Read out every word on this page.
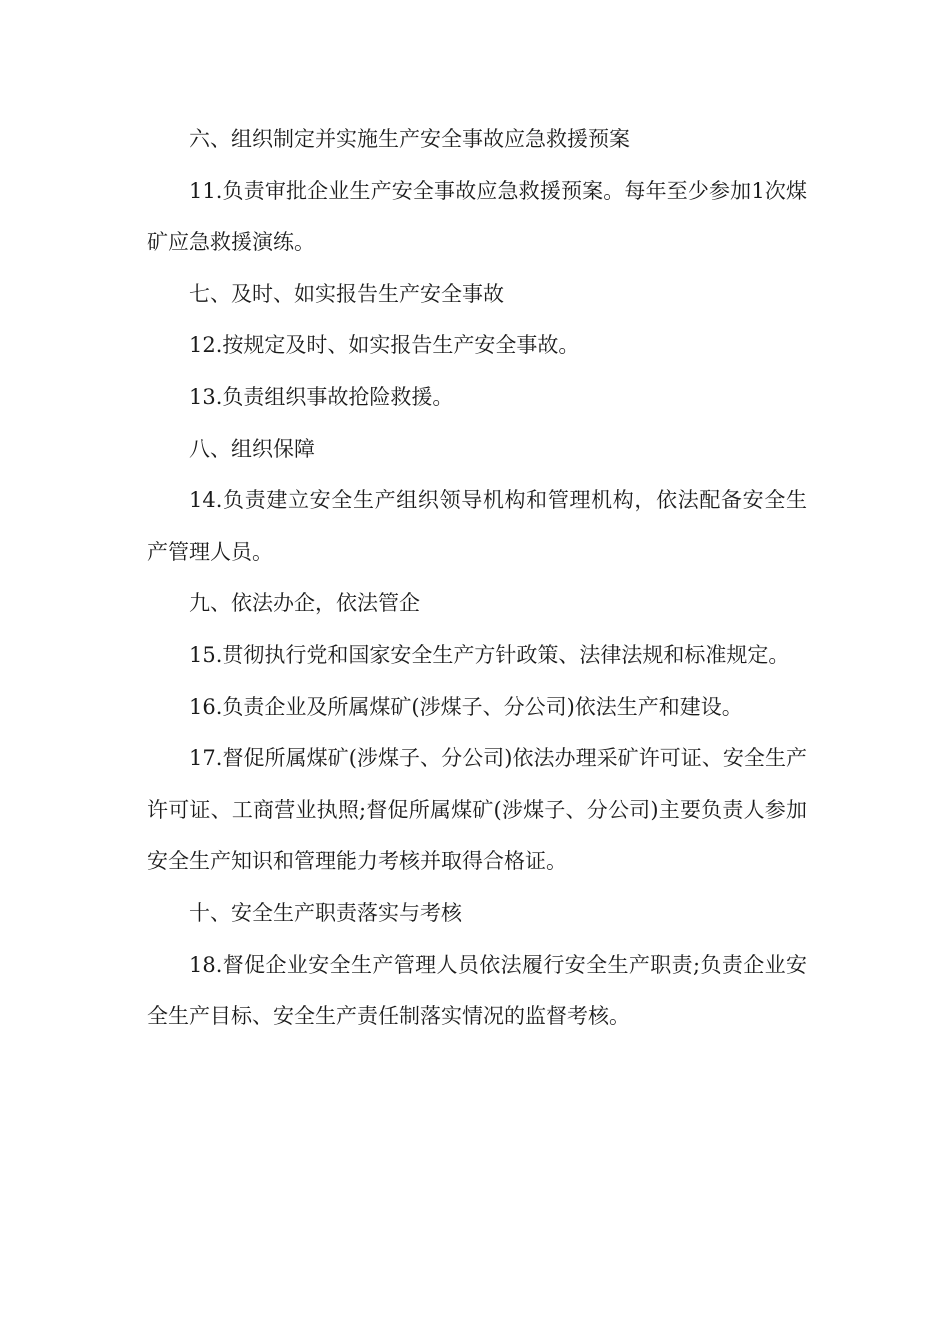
六、组织制定并实施生产安全事故应急救援预案

11.负责审批企业生产安全事故应急救援预案。每年至少参加1次煤矿应急救援演练。

七、及时、如实报告生产安全事故

12.按规定及时、如实报告生产安全事故。

13.负责组织事故抢险救援。

八、组织保障

14.负责建立安全生产组织领导机构和管理机构，依法配备安全生产管理人员。

九、依法办企，依法管企

15.贯彻执行党和国家安全生产方针政策、法律法规和标准规定。

16.负责企业及所属煤矿(涉煤子、分公司)依法生产和建设。

17.督促所属煤矿(涉煤子、分公司)依法办理采矿许可证、安全生产许可证、工商营业执照;督促所属煤矿(涉煤子、分公司)主要负责人参加安全生产知识和管理能力考核并取得合格证。

十、安全生产职责落实与考核

18.督促企业安全生产管理人员依法履行安全生产职责;负责企业安全生产目标、安全生产责任制落实情况的监督考核。
